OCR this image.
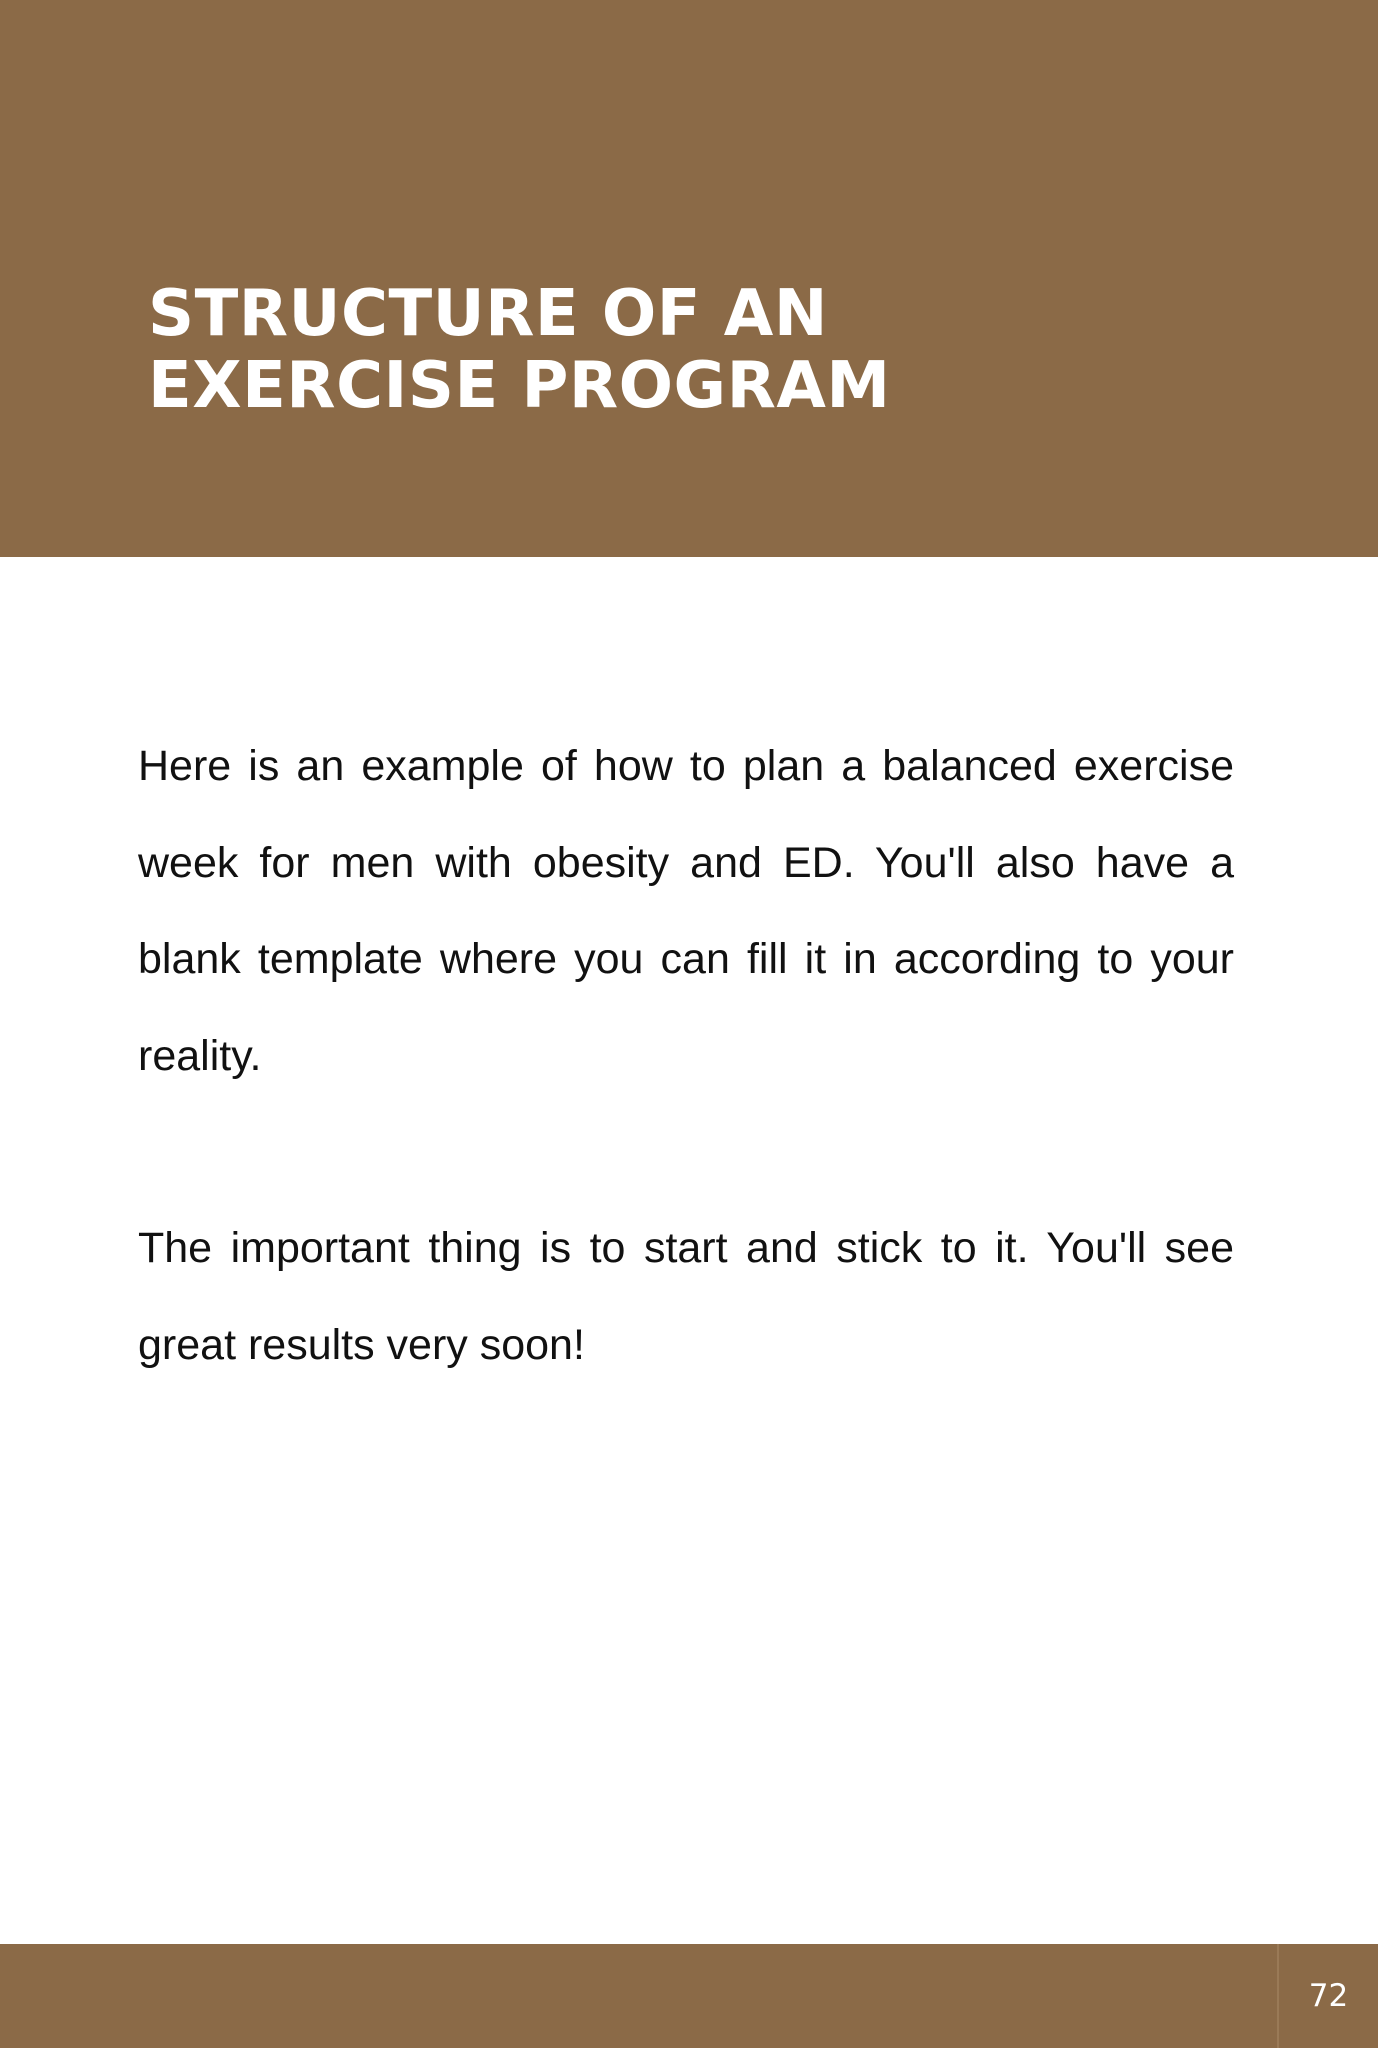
STRUCTURE OF AN
EXERCISE PROGRAM

Here is an example of how to plan a balanced exercise week for men with obesity and ED. You'll also have a blank template where you can fill it in according to your reality.

The important thing is to start and stick to it. You'll see great results very soon!

72
